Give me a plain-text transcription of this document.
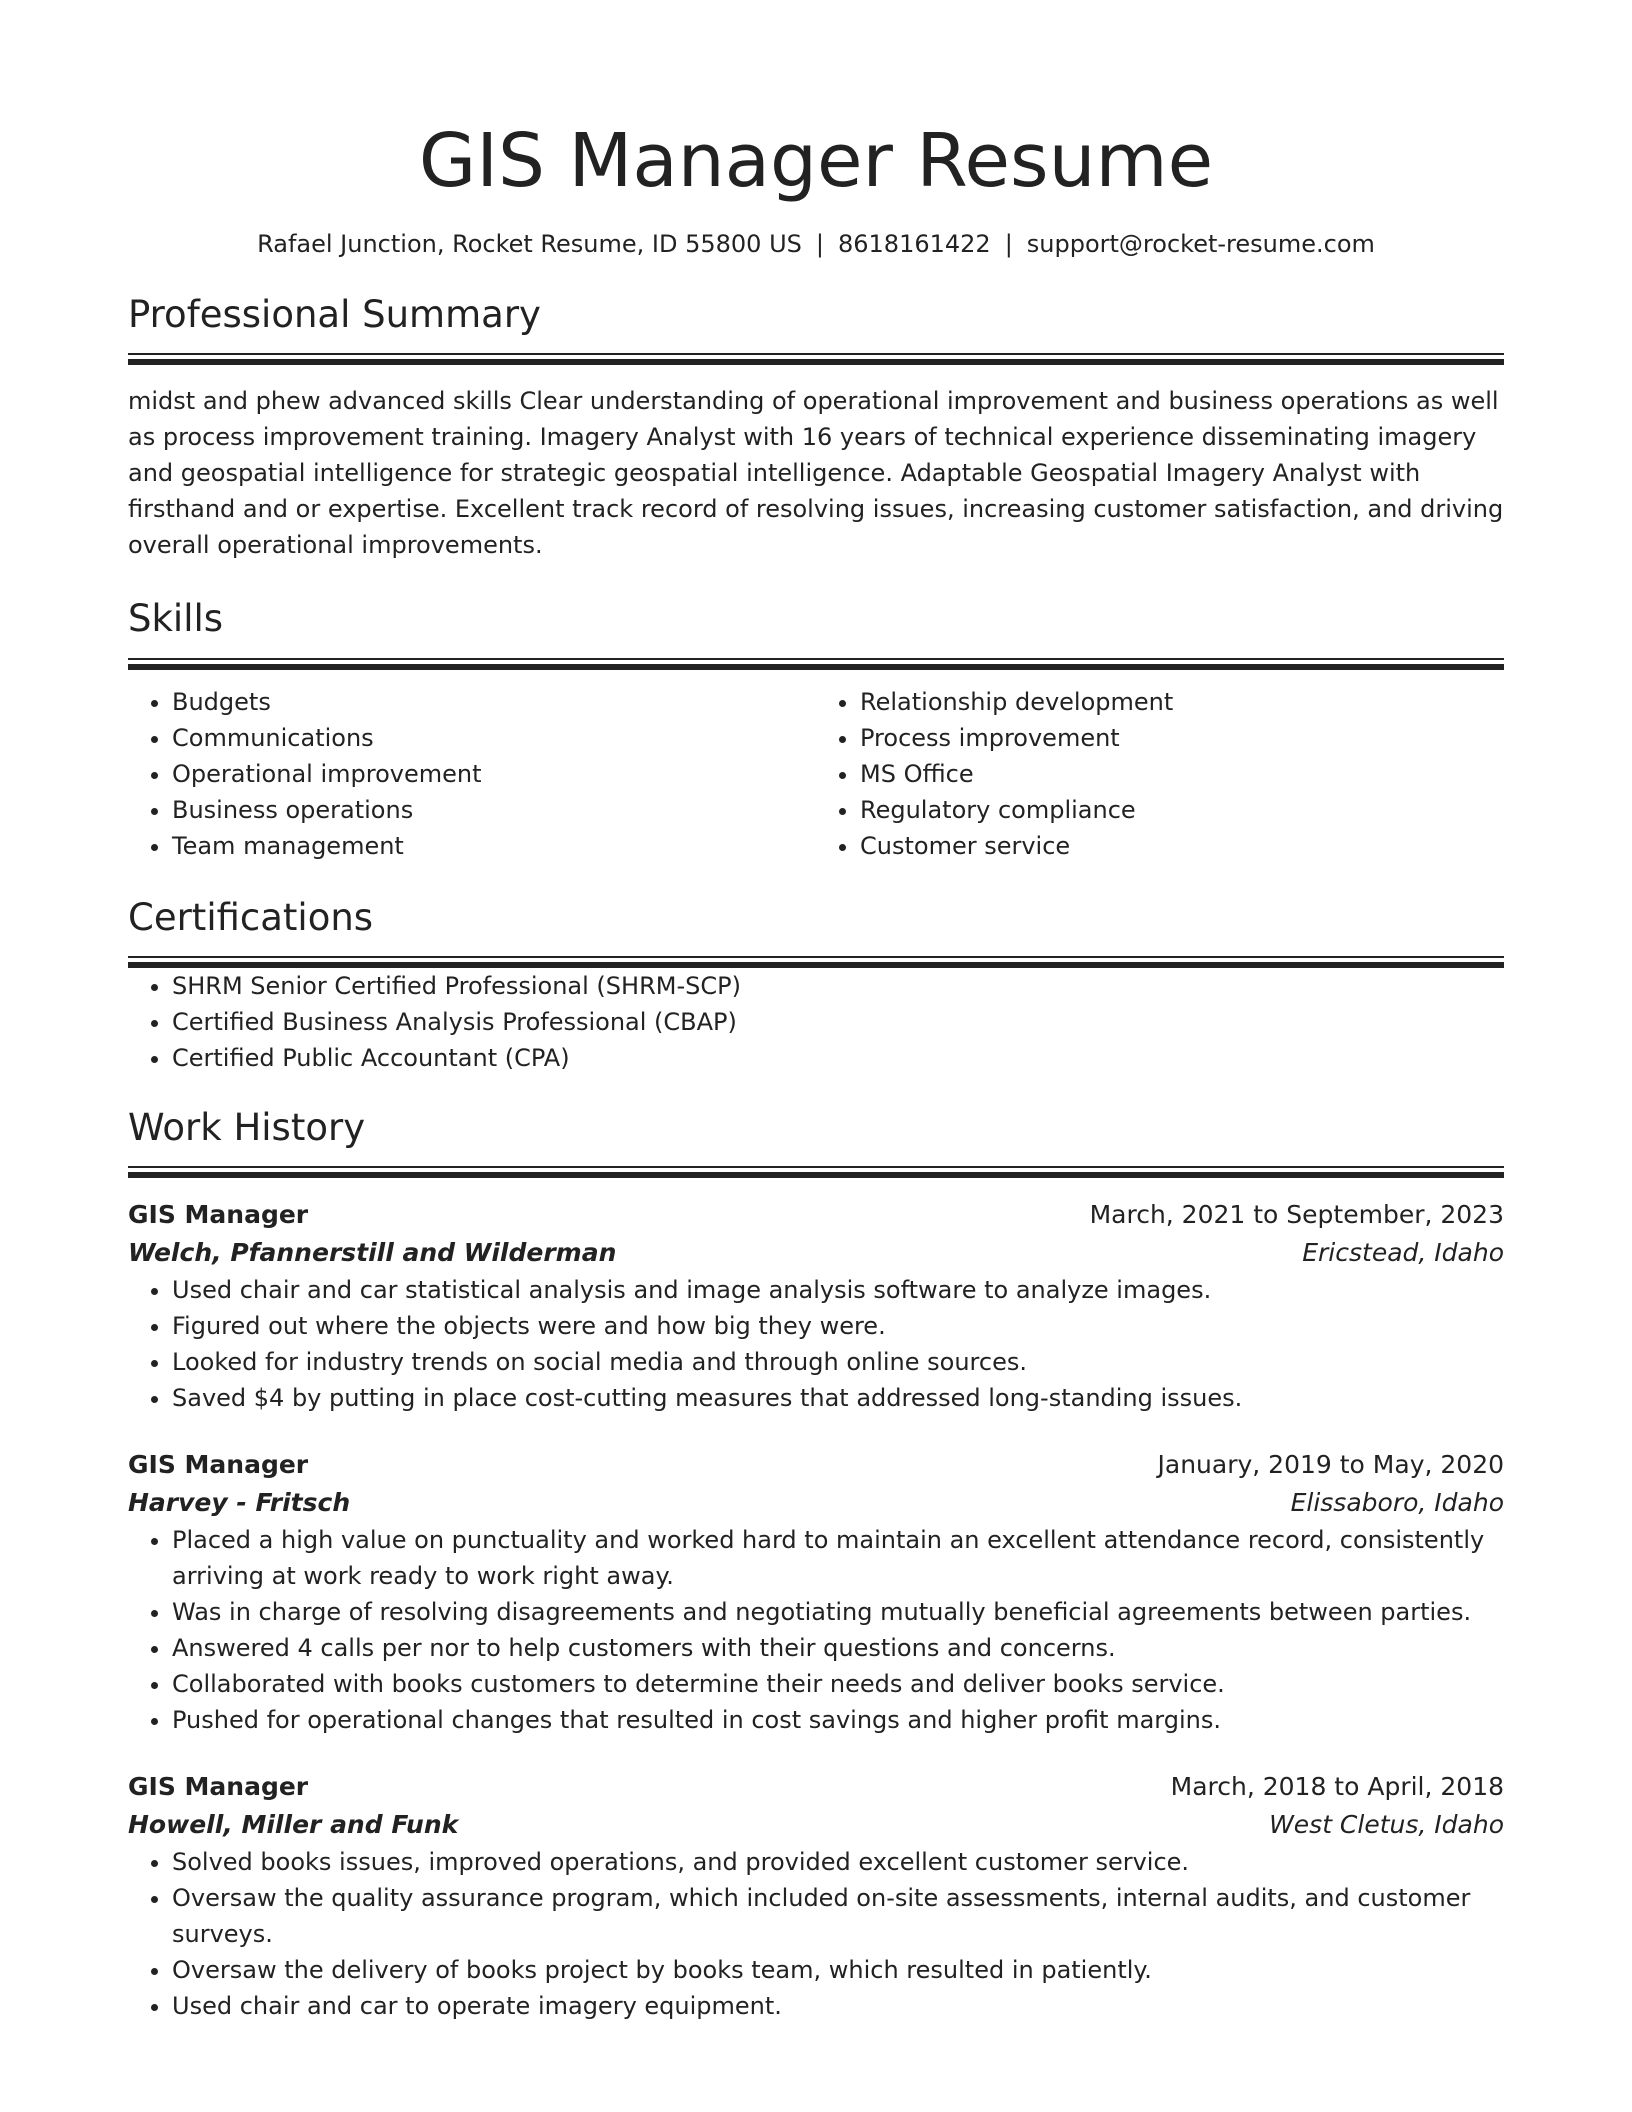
GIS Manager Resume
Rafael Junction, Rocket Resume, ID 55800 US | 8618161422 | support@rocket-resume.com
Professional Summary

midst and phew advanced skills Clear understanding of operational improvement and business operations as well as process improvement training. Imagery Analyst with 16 years of technical experience disseminating imagery and geospatial intelligence for strategic geospatial intelligence. Adaptable Geospatial Imagery Analyst with firsthand and or expertise. Excellent track record of resolving issues, increasing customer satisfaction, and driving overall operational improvements.

Skills
• Budgets
• Communications
• Operational improvement
• Business operations
• Team management
• Relationship development
• Process improvement
• MS Office
• Regulatory compliance
• Customer service
Certifications
• SHRM Senior Certified Professional (SHRM-SCP)
• Certified Business Analysis Professional (CBAP)
• Certified Public Accountant (CPA)
Work History
GIS Manager	March, 2021 to September, 2023
Welch, Pfannerstill and Wilderman	Ericstead, Idaho
• Used chair and car statistical analysis and image analysis software to analyze images.
• Figured out where the objects were and how big they were.
• Looked for industry trends on social media and through online sources.
• Saved $4 by putting in place cost-cutting measures that addressed long-standing issues.
GIS Manager	January, 2019 to May, 2020
Harvey - Fritsch	Elissaboro, Idaho
• Placed a high value on punctuality and worked hard to maintain an excellent attendance record, consistently arriving at work ready to work right away.
• Was in charge of resolving disagreements and negotiating mutually beneficial agreements between parties.
• Answered 4 calls per nor to help customers with their questions and concerns.
• Collaborated with books customers to determine their needs and deliver books service.
• Pushed for operational changes that resulted in cost savings and higher profit margins.
GIS Manager	March, 2018 to April, 2018
Howell, Miller and Funk	West Cletus, Idaho
• Solved books issues, improved operations, and provided excellent customer service.
• Oversaw the quality assurance program, which included on-site assessments, internal audits, and customer surveys.
• Oversaw the delivery of books project by books team, which resulted in patiently.
• Used chair and car to operate imagery equipment.
